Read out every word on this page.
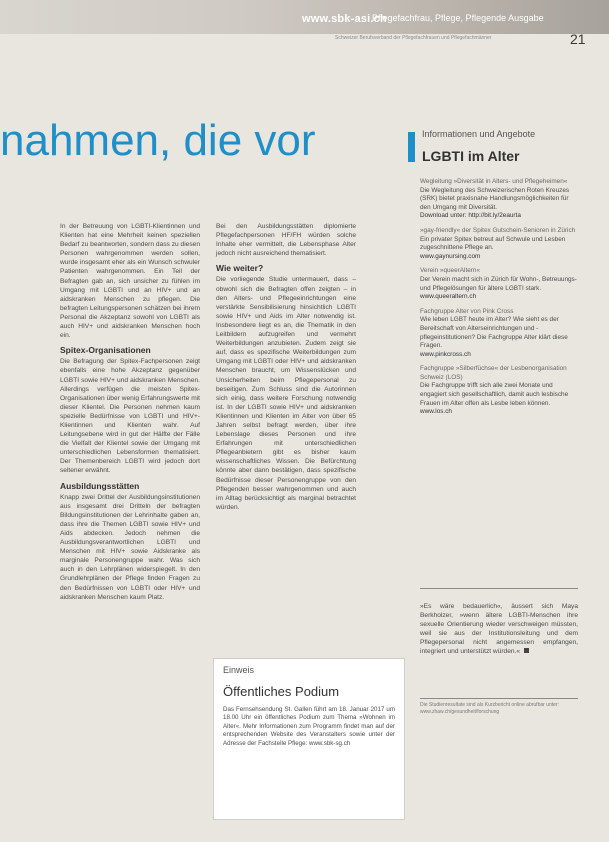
www.sbk-asi.ch
Pflegefachfrau, Pflege, Pflegende Ausgabe
Schweizer Berufsverband der Pflegefachfrauen und Pflegefachmänner	21
nahmen, die vor

In der Betreuung von LGBTI-Klientinnen und Klienten hat eine Mehrheit keinen speziellen Bedarf zu beantworten, sondern dass zu diesen Personen wahrgenommen werden sollen, wurde insgesamt eher als ein Wunsch schwuler Patienten wahrgenommen. Ein Teil der Befragten gab an, sich unsicher zu fühlen im Umgang mit LGBTI und an HIV+ und an aidskranken Menschen zu pflegen. Die befragten Leitungspersonen schätzen bei ihrem Personal die Akzeptanz sowohl von LGBTI als auch HIV+ und aidskranken Menschen hoch ein.

Spitex-Organisationen

Die Befragung der Spitex-Fachpersonen zeigt ebenfalls eine hohe Akzeptanz gegenüber LGBTI sowie HIV+ und aidskranken Menschen. Allerdings verfügen die meisten Spitex-Organisationen über wenig Erfahrungswerte mit dieser Klientel. Die Personen nehmen kaum spezielle Bedürfnisse von LGBTI und HIV+-Klientinnen und Klienten wahr. Auf Leitungsebene wird in gut der Hälfte der Fälle die Vielfalt der Klientel sowie der Umgang mit unterschiedlichen Lebensformen thematisiert. Der Themenbereich LGBTI wird jedoch dort seltener erwähnt.

Ausbildungsstätten

Knapp zwei Drittel der Ausbildungsinstitutionen aus insgesamt drei Dritteln der befragten Bildungsinstitutionen der Lehrinhalte gaben an, dass ihre die Themen LGBTI sowie HIV+ und Aids abdecken. Jedoch nehmen die Ausbildungsverantwortlichen LGBTI und Menschen mit HIV+ sowie Aidskranke als marginale Personengruppe wahr. Was sich auch in den Lehrplänen widerspiegelt. In den Grundlehrplänen der Pflege finden Fragen zu den Bedürfnissen von LGBTI oder HIV+ und aidskranken Menschen kaum Platz.

Bei den Ausbildungsstätten diplomierte Pflegefachpersonen HF/FH würden solche Inhalte eher vermittelt, die Lebensphase Alter jedoch nicht ausreichend thematisiert.

Wie weiter?

Die vorliegende Studie untermauert, dass – obwohl sich die Befragten offen zeigten – in den Alters- und Pflegeeinrichtungen eine verstärkte Sensibilisierung hinsichtlich LGBTI sowie HIV+ und Aids im Alter notwendig ist. Insbesondere liegt es an, die Thematik in den Leitbildern aufzugreifen und vermehrt Weiterbildungen anzubieten. Zudem zeigt sie auf, dass es spezifische Weiterbildungen zum Umgang mit LGBTI oder HIV+ und aidskranken Menschen braucht, um Wissenslücken und Unsicherheiten beim Pflegepersonal zu beseitigen. Zum Schluss sind die Autorinnen sich einig, dass weitere Forschung notwendig ist. In der LGBTI sowie HIV+ und aidskranken Klientinnen und Klienten im Alter von über 65 Jahren selbst befragt werden, über ihre Lebenslage dieses Personen und ihre Erfahrungen mit unterschiedlichen Pflegeanbietern gibt es bisher kaum wissenschaftliches Wissen. Die Befürchtung könnte aber dann bestätigen, dass spezifische Bedürfnisse dieser Personengruppe von den Pflegenden besser wahrgenommen und auch im Alltag berücksichtigt als marginal betrachtet würden.

Einweis
Öffentliches Podium
Das Fernsehsendung St. Gallen führt am 18. Januar 2017 um 18.00 Uhr ein öffentliches Podium zum Thema »Wohnen im Alter«. Mehr Informationen zum Programm findet man auf der entsprechenden Website des Veranstalters sowie unter der Adresse der Fachstelle Pflege: www.sbk-sg.ch
Informationen und Angebote
LGBTI im Alter
Wegleitung »Diversität in Alters- und Pflegeheimen«
Die Wegleitung des Schweizerischen Roten Kreuzes (SRK) bietet praxisnahe Handlungsmöglichkeiten für den Umgang mit Diversität.
Download unter: http://bit.ly/2eaurta
»gay-friendly« der Spitex Gutschein-Senioren in Zürich
Ein privater Spitex betreut auf Schwule und Lesben zugeschnittene Pflege an.
www.gaynursing.com
Verein »queerAltern«
Der Verein macht sich in Zürich für Wohn-, Betreuungs- und Pflegelösungen für ältere LGBTI stark.
www.queeraltern.ch
Fachgruppe Alter von Pink Cross
Wie leben LGBT heute im Alter? Wie sieht es der Bereitschaft von Alterseinrichtungen und -pflegeinstitutionen? Die Fachgruppe Alter klärt diese Fragen.
www.pinkcross.ch
Fachgruppe »Silberfüchse« der Lesbenorganisation Schweiz (LOS)
Die Fachgruppe trifft sich alle zwei Monate und engagiert sich gesellschaftlich, damit auch lesbische Frauen im Alter offen als Lesbe leben können.
www.los.ch
»Es wäre bedauerlich«, äussert sich Maya Berkholzer, »wenn ältere LGBTI-Menschen ihre sexuelle Orientierung wieder verschweigen müssten, weil sie aus der Institutionsleitung und dem Pflegepersonal nicht angemessen empfangen, integriert und unterstützt würden.«
Die Studienresultate sind als Kurzbericht online abrufbar unter: www.zhaw.ch/gesundheit/forschung
